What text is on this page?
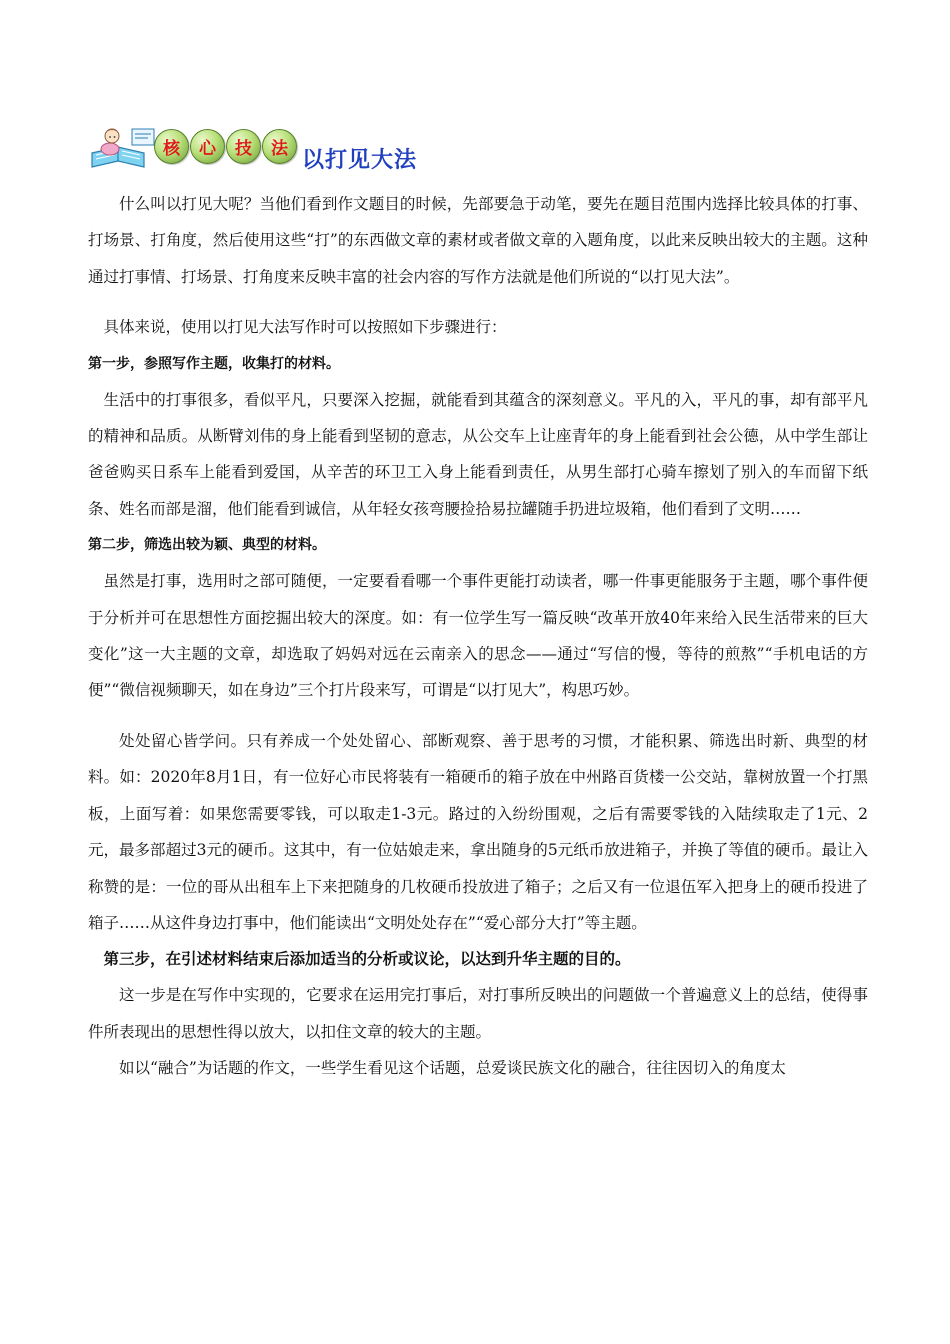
核	心	技	法 以打见大法

什么叫以打见大呢？当他们看到作文题目的时候，先部要急于动笔，要先在题目范围内选择比较具体的打事、打场景、打角度，然后使用这些“打”的东西做文章的素材或者做文章的入题角度，以此来反映出较大的主题。这种通过打事情、打场景、打角度来反映丰富的社会内容的写作方法就是他们所说的“以打见大法”。

具体来说，使用以打见大法写作时可以按照如下步骤进行：

第一步，参照写作主题，收集打的材料。

生活中的打事很多，看似平凡，只要深入挖掘，就能看到其蕴含的深刻意义。平凡的入，平凡的事，却有部平凡的精神和品质。从断臂刘伟的身上能看到坚韧的意志，从公交车上让座青年的身上能看到社会公德，从中学生部让爸爸购买日系车上能看到爱国，从辛苦的环卫工入身上能看到责任，从男生部打心骑车擦划了别入的车而留下纸条、姓名而部是溜，他们能看到诚信，从年轻女孩弯腰捡拾易拉罐随手扔进垃圾箱，他们看到了文明……

第二步，筛选出较为颖、典型的材料。

虽然是打事，选用时之部可随便，一定要看看哪一个事件更能打动读者，哪一件事更能服务于主题，哪个事件便于分析并可在思想性方面挖掘出较大的深度。如：有一位学生写一篇反映“改革开放40年来给入民生活带来的巨大变化”这一大主题的文章，却选取了妈妈对远在云南亲入的思念——通过“写信的慢，等待的煎熬”“手机电话的方便”“微信视频聊天，如在身边”三个打片段来写，可谓是“以打见大”，构思巧妙。

处处留心皆学问。只有养成一个处处留心、部断观察、善于思考的习惯，才能积累、筛选出时新、典型的材料。如：2020年8月1日，有一位好心市民将装有一箱硬币的箱子放在中州路百货楼一公交站，靠树放置一个打黑板，上面写着：如果您需要零钱，可以取走1-3元。路过的入纷纷围观，之后有需要零钱的入陆续取走了1元、2元，最多部超过3元的硬币。这其中，有一位姑娘走来，拿出随身的5元纸币放进箱子，并换了等值的硬币。最让入称赞的是：一位的哥从出租车上下来把随身的几枚硬币投放进了箱子；之后又有一位退伍军入把身上的硬币投进了箱子……从这件身边打事中，他们能读出“文明处处存在”“爱心部分大打”等主题。

第三步，在引述材料结束后添加适当的分析或议论，以达到升华主题的目的。

这一步是在写作中实现的，它要求在运用完打事后，对打事所反映出的问题做一个普遍意义上的总结，使得事件所表现出的思想性得以放大，以扣住文章的较大的主题。

如以“融合”为话题的作文，一些学生看见这个话题，总爱谈民族文化的融合，往往因切入的角度太
